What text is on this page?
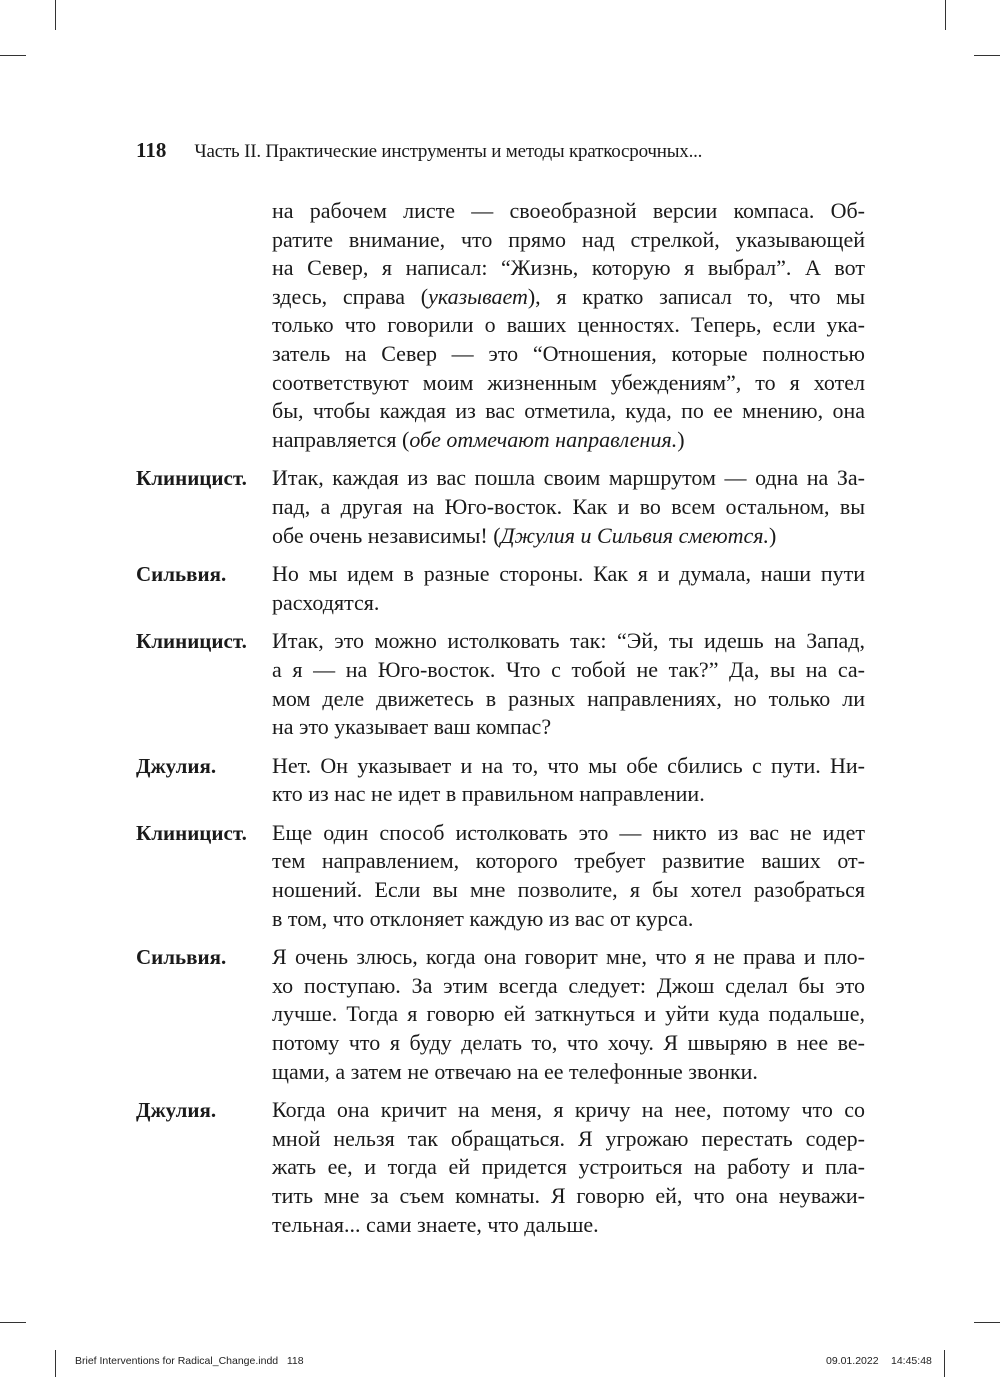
118 Часть II. Практические инструменты и методы краткосрочных...
на рабочем листе — своеобразной версии компаса. Об-
ратите внимание, что прямо над стрелкой, указывающей
на Север, я написал: “Жизнь, которую я выбрал”. А вот
здесь, справа (указывает), я кратко записал то, что мы
только что говорили о ваших ценностях. Теперь, если ука-
затель на Север — это “Отношения, которые полностью
соответствуют моим жизненным убеждениям”, то я хотел
бы, чтобы каждая из вас отметила, куда, по ее мнению, она
направляется (обе отмечают направления.)
Клиницист.	Итак, каждая из вас пошла своим маршрутом — одна на За-
пад, а другая на Юго-восток. Как и во всем остальном, вы
обе очень независимы! (Джулия и Сильвия смеются.)
Сильвия.	Но мы идем в разные стороны. Как я и думала, наши пути
расходятся.
Клиницист.	Итак, это можно истолковать так: “Эй, ты идешь на Запад,
а я — на Юго-восток. Что с тобой не так?” Да, вы на са-
мом деле движетесь в разных направлениях, но только ли
на это указывает ваш компас?
Джулия.	Нет. Он указывает и на то, что мы обе сбились с пути. Ни-
кто из нас не идет в правильном направлении.
Клиницист.	Еще один способ истолковать это — никто из вас не идет
тем направлением, которого требует развитие ваших от-
ношений. Если вы мне позволите, я бы хотел разобраться
в том, что отклоняет каждую из вас от курса.
Сильвия.	Я очень злюсь, когда она говорит мне, что я не права и пло-
хо поступаю. За этим всегда следует: Джош сделал бы это
лучше. Тогда я говорю ей заткнуться и уйти куда подальше,
потому что я буду делать то, что хочу. Я швыряю в нее ве-
щами, а затем не отвечаю на ее телефонные звонки.
Джулия.	Когда она кричит на меня, я кричу на нее, потому что со
мной нельзя так обращаться. Я угрожаю перестать содер-
жать ее, и тогда ей придется устроиться на работу и пла-
тить мне за съем комнаты. Я говорю ей, что она неуважи-
тельная... сами знаете, что дальше.
Brief Interventions for Radical_Change.indd   118	09.01.2022 14:45:48
